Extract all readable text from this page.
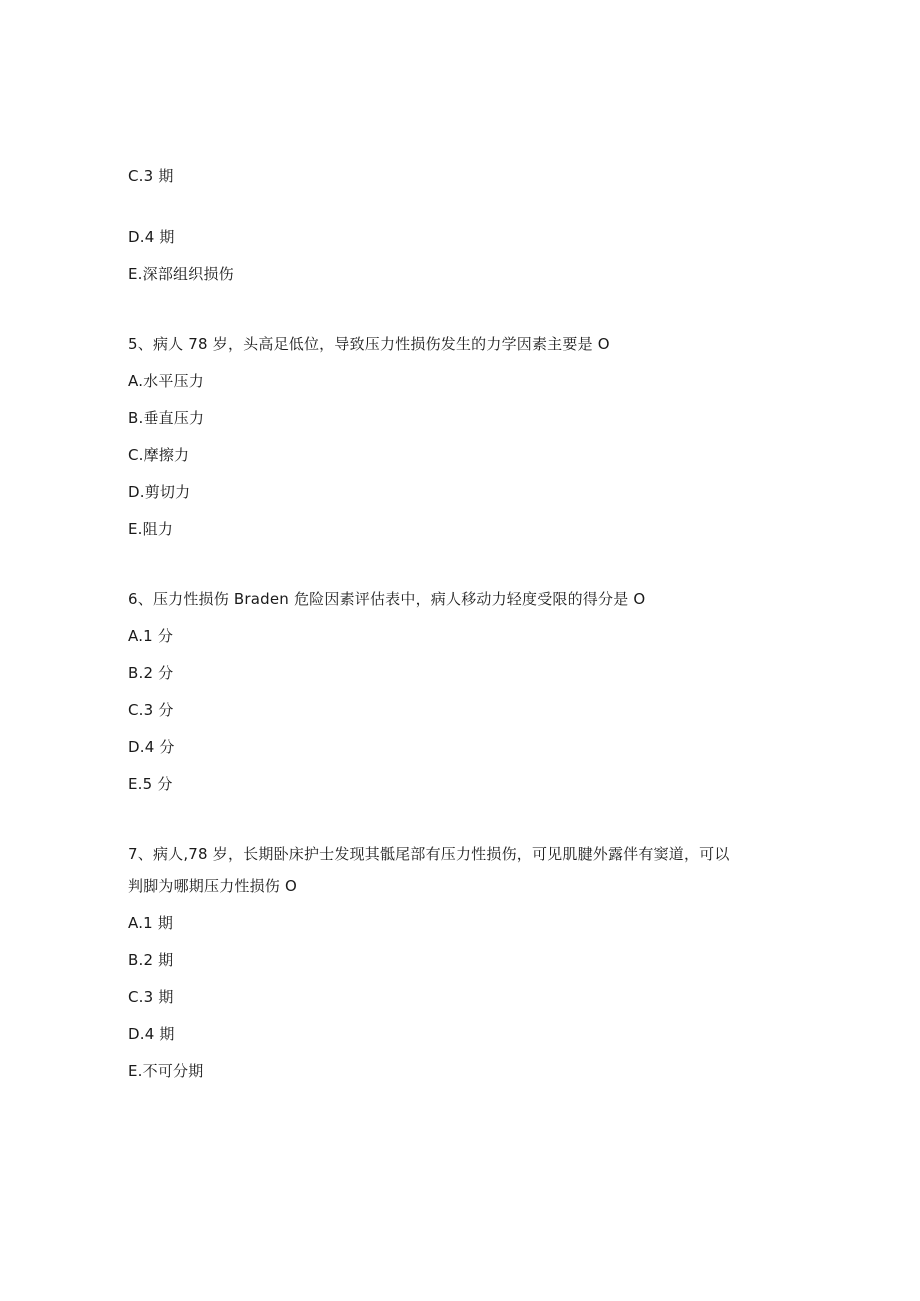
C.3 期
D.4 期
E.深部组织损伤
5、病人 78 岁，头高足低位，导致压力性损伤发生的力学因素主要是 O
A.水平压力
B.垂直压力
C.摩擦力
D.剪切力
E.阻力
6、压力性损伤 Braden 危险因素评估表中，病人移动力轻度受限的得分是 O
A.1 分
B.2 分
C.3 分
D.4 分
E.5 分
7、病人,78 岁，长期卧床护士发现其骶尾部有压力性损伤，可见肌腱外露伴有窦道，可以
判脚为哪期压力性损伤 O
A.1 期
B.2 期
C.3 期
D.4 期
E.不可分期
